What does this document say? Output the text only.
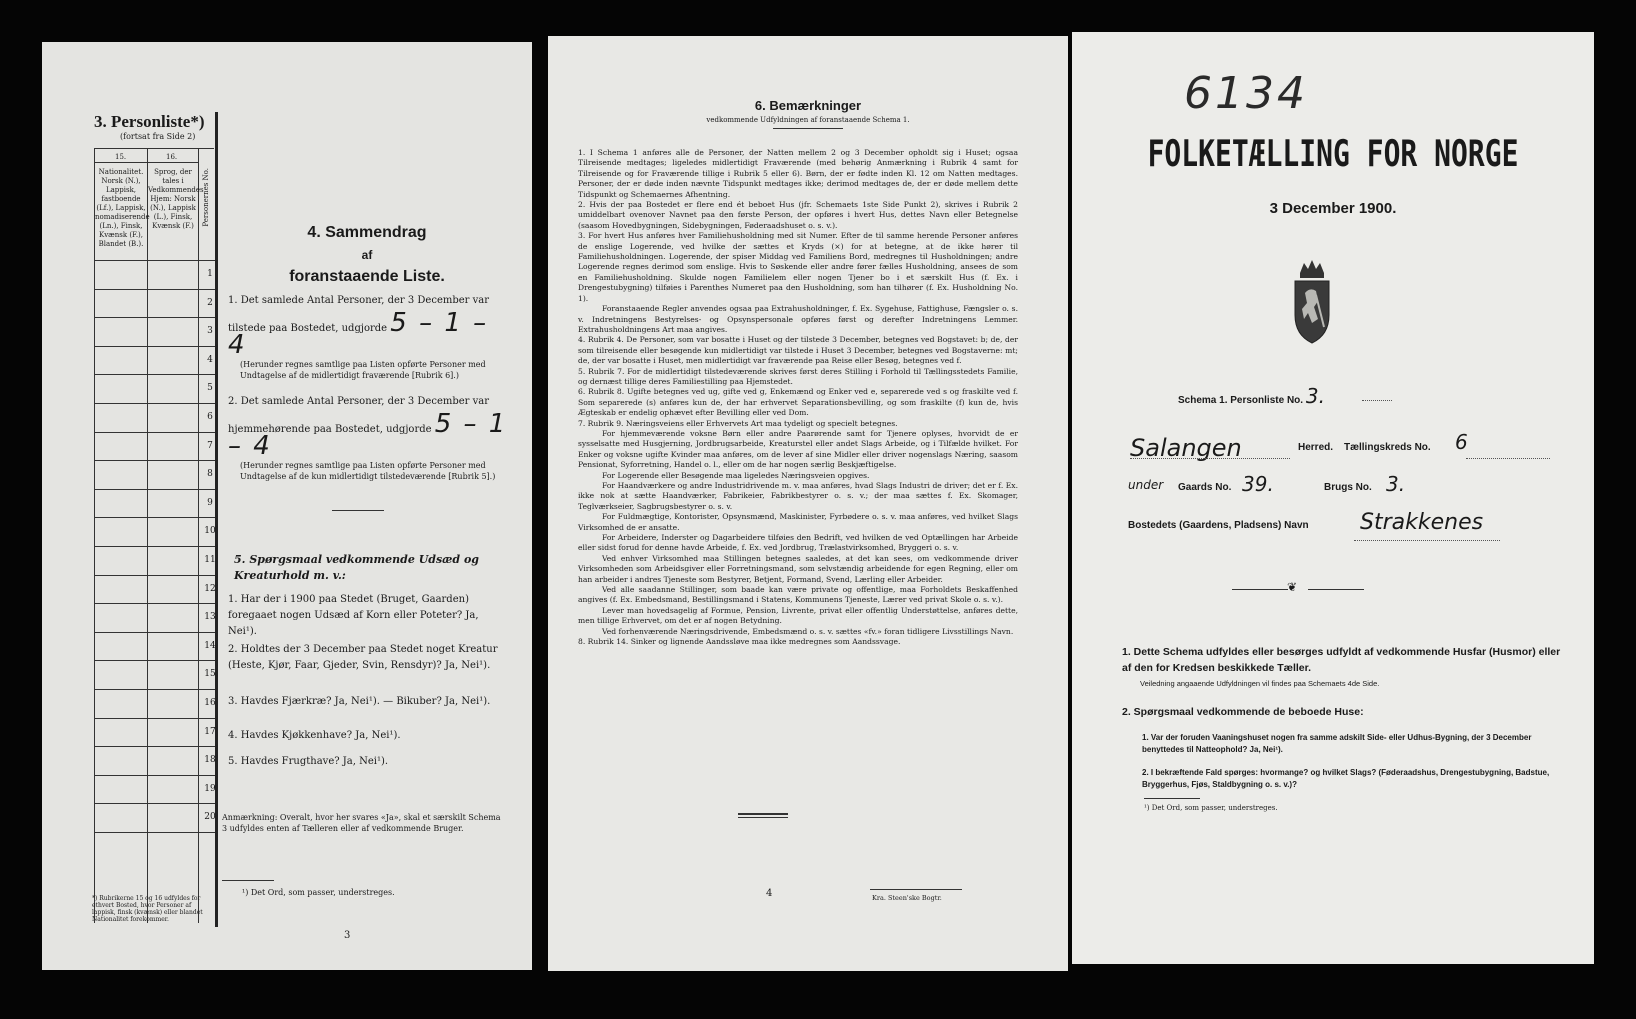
3. Personliste*)
(fortsat fra Side 2)
15.	16.
Nationalitet. Norsk (N.), Lappisk, fastboende (Lf.), Lappisk, nomadiserende (Ln.), Finsk, Kvænsk (F.), Blandet (B.).
Sprog, der tales i Vedkommendes Hjem: Norsk (N.), Lappisk (L.), Finsk, Kvænsk (F.)	Personernes No.
1
2
3
4
5
6
7
8
9
10
11
12
13
14
15
16
17
18
19
20
*) Rubrikerne 15 og 16 udfyldes for ethvert Bosted, hvor Personer af lappisk, finsk (kvænsk) eller blandet Nationalitet forekommer.
4. Sammendrag
af
foranstaaende Liste.
1. Det samlede Antal Personer, der 3 December var
tilstede paa Bostedet, udgjorde 5 – 1 – 4
(Herunder regnes samtlige paa Listen opførte Personer med Undtagelse af de midlertidigt fraværende [Rubrik 6].)
2. Det samlede Antal Personer, der 3 December var
hjemmehørende paa Bostedet, udgjorde 5 – 1 – 4
(Herunder regnes samtlige paa Listen opførte Personer med Undtagelse af de kun midlertidigt tilstedeværende [Rubrik 5].)
5. Spørgsmaal vedkommende Udsæd og Kreaturhold m. v.:
1. Har der i 1900 paa Stedet (Bruget, Gaarden) foregaaet nogen Udsæd af Korn eller Poteter? Ja, Nei¹).
2. Holdtes der 3 December paa Stedet noget Kreatur (Heste, Kjør, Faar, Gjeder, Svin, Rensdyr)? Ja, Nei¹).
3. Havdes Fjærkræ? Ja, Nei¹). — Bikuber? Ja, Nei¹).
4. Havdes Kjøkkenhave? Ja, Nei¹).
5. Havdes Frugthave? Ja, Nei¹).
Anmærkning: Overalt, hvor her svares «Ja», skal et særskilt Schema 3 udfyldes enten af Tælleren eller af vedkommende Bruger.
¹) Det Ord, som passer, understreges.
3
6. Bemærkninger
vedkommende Udfyldningen af foranstaaende Schema 1.

1. I Schema 1 anføres alle de Personer, der Natten mellem 2 og 3 December opholdt sig i Huset; ogsaa Tilreisende medtages; ligeledes midlertidigt Fraværende (med behørig Anmærkning i Rubrik 4 samt for Tilreisende og for Fraværende tillige i Rubrik 5 eller 6). Børn, der er fødte inden Kl. 12 om Natten medtages. Personer, der er døde inden nævnte Tidspunkt medtages ikke; derimod medtages de, der er døde mellem dette Tidspunkt og Schemaernes Afhentning.

2. Hvis der paa Bostedet er flere end ét beboet Hus (jfr. Schemaets 1ste Side Punkt 2), skrives i Rubrik 2 umiddelbart ovenover Navnet paa den første Person, der opføres i hvert Hus, dettes Navn eller Betegnelse (saasom Hovedbygningen, Sidebygningen, Føderaadshuset o. s. v.).

3. For hvert Hus anføres hver Familiehusholdning med sit Numer. Efter de til samme herende Personer anføres de enslige Logerende, ved hvilke der sættes et Kryds (×) for at betegne, at de ikke hører til Familiehusholdningen. Logerende, der spiser Middag ved Familiens Bord, medregnes til Husholdningen; andre Logerende regnes derimod som enslige. Hvis to Søskende eller andre fører fælles Husholdning, ansees de som en Familiehusholdning. Skulde nogen Familielem eller nogen Tjener bo i et særskilt Hus (f. Ex. i Drengestubygning) tilføies i Parenthes Numeret paa den Husholdning, som han tilhører (f. Ex. Husholdning No. 1).

Foranstaaende Regler anvendes ogsaa paa Extrahusholdninger, f. Ex. Sygehuse, Fattighuse, Fængsler o. s. v. Indretningens Bestyrelses- og Opsynspersonale opføres først og derefter Indretningens Lemmer. Extrahusholdningens Art maa angives.

4. Rubrik 4. De Personer, som var bosatte i Huset og der tilstede 3 December, betegnes ved Bogstavet: b; de, der som tilreisende eller besøgende kun midlertidigt var tilstede i Huset 3 December, betegnes ved Bogstaverne: mt; de, der var bosatte i Huset, men midlertidigt var fraværende paa Reise eller Besøg, betegnes ved f.

5. Rubrik 7. For de midlertidigt tilstedeværende skrives først deres Stilling i Forhold til Tællingsstedets Familie, og dernæst tillige deres Familiestilling paa Hjemstedet.

6. Rubrik 8. Ugifte betegnes ved ug, gifte ved g, Enkemænd og Enker ved e, separerede ved s og fraskilte ved f. Som separerede (s) anføres kun de, der har erhvervet Separationsbevilling, og som fraskilte (f) kun de, hvis Ægteskab er endelig ophævet efter Bevilling eller ved Dom.

7. Rubrik 9. Næringsveiens eller Erhvervets Art maa tydeligt og specielt betegnes.

For hjemmeværende voksne Børn eller andre Paarørende samt for Tjenere oplyses, hvorvidt de er sysselsatte med Husgjerning, Jordbrugsarbeide, Kreaturstel eller andet Slags Arbeide, og i Tilfælde hvilket. For Enker og voksne ugifte Kvinder maa anføres, om de lever af sine Midler eller driver nogenslags Næring, saasom Pensionat, Syforretning, Handel o. l., eller om de har nogen særlig Beskjæftigelse.

For Logerende eller Besøgende maa ligeledes Næringsveien opgives.

For Haandværkere og andre Industridrivende m. v. maa anføres, hvad Slags Industri de driver; det er f. Ex. ikke nok at sætte Haandværker, Fabrikeier, Fabrikbestyrer o. s. v.; der maa sættes f. Ex. Skomager, Teglværkseier, Sagbrugsbestyrer o. s. v.

For Fuldmægtige, Kontorister, Opsynsmænd, Maskinister, Fyrbødere o. s. v. maa anføres, ved hvilket Slags Virksomhed de er ansatte.

For Arbeidere, Inderster og Dagarbeidere tilføies den Bedrift, ved hvilken de ved Optællingen har Arbeide eller sidst forud for denne havde Arbeide, f. Ex. ved Jordbrug, Trælastvirksomhed, Bryggeri o. s. v.

Ved enhver Virksomhed maa Stillingen betegnes saaledes, at det kan sees, om vedkommende driver Virksomheden som Arbeidsgiver eller Forretningsmand, som selvstændig arbeidende for egen Regning, eller om han arbeider i andres Tjeneste som Bestyrer, Betjent, Formand, Svend, Lærling eller Arbeider.

Ved alle saadanne Stillinger, som baade kan være private og offentlige, maa Forholdets Beskaffenhed angives (f. Ex. Embedsmand, Bestillingsmand i Statens, Kommunens Tjeneste, Lærer ved privat Skole o. s. v.).

Lever man hovedsagelig af Formue, Pension, Livrente, privat eller offentlig Understøttelse, anføres dette, men tillige Erhvervet, om det er af nogen Betydning.

Ved forhenværende Næringsdrivende, Embedsmænd o. s. v. sættes «fv.» foran tidligere Livsstillings Navn.

8. Rubrik 14. Sinker og lignende Aandssløve maa ikke medregnes som Aandssvage.

4	Kra. Steen'ske Bogtr.
6134
FOLKETÆLLING FOR NORGE
3 December 1900.
Schema 1. Personliste No. 3.
Salangen	Herred. Tællingskreds No. 6
under Gaards No. 39.	Brugs No. 3.
Bostedets (Gaardens, Pladsens) Navn Strakkenes
❦
1. Dette Schema udfyldes eller besørges udfyldt af vedkommende Husfar (Husmor) eller af den for Kredsen beskikkede Tæller.
Veiledning angaaende Udfyldningen vil findes paa Schemaets 4de Side.
2. Spørgsmaal vedkommende de beboede Huse:
1. Var der foruden Vaaningshuset nogen fra samme adskilt Side- eller Udhus-Bygning, der 3 December benyttedes til Natteophold? Ja, Nei¹).
2. I bekræftende Fald spørges: hvormange? og hvilket Slags? (Føderaadshus, Drengestubygning, Badstue, Bryggerhus, Fjøs, Staldbygning o. s. v.)?
¹) Det Ord, som passer, understreges.
